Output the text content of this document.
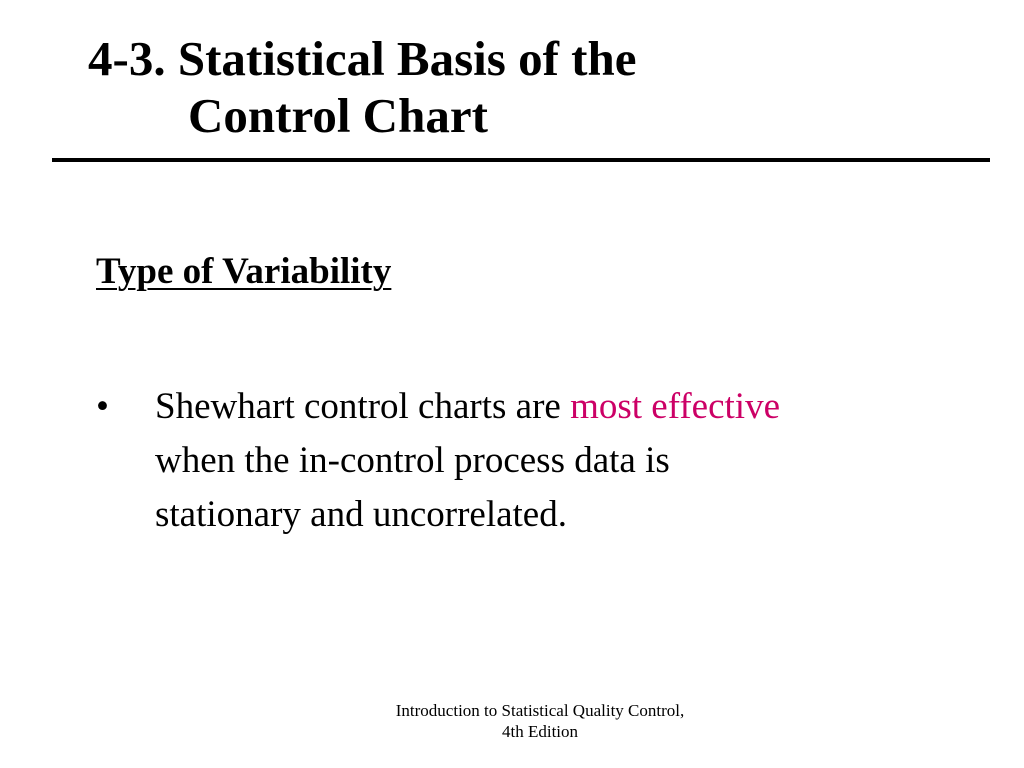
4-3. Statistical Basis of the
Control Chart
Type of Variability
• Shewhart control charts are most effective
when the in-control process data is
stationary and uncorrelated.
Introduction to Statistical Quality Control,
4th Edition
